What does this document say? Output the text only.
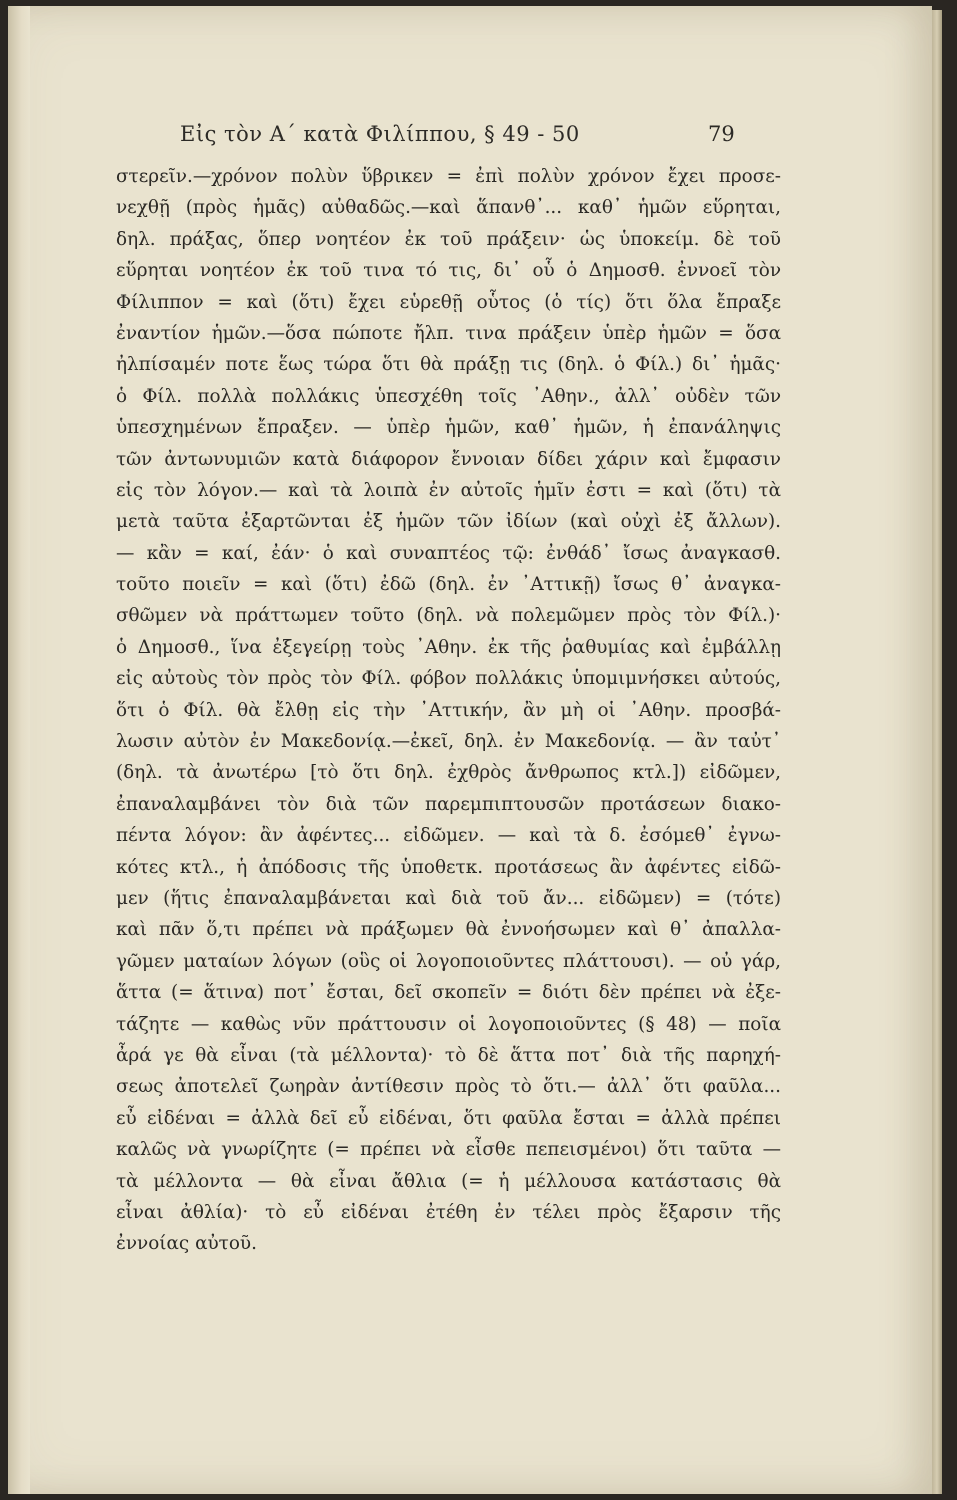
Εἰς τὸν Α΄ κατὰ Φιλίππου, § 49 - 50	79
στερεῖν.—χρόνον πολὺν ὕβρικεν = ἐπὶ πολὺν χρόνον ἔχει προσε-
νεχθῇ (πρὸς ἡμᾶς) αὐθαδῶς.—καὶ ἅπανθ᾽... καθ᾽ ἡμῶν εὕρηται,
δηλ. πράξας, ὅπερ νοητέον ἐκ τοῦ πράξειν· ὡς ὑποκείμ. δὲ τοῦ
εὕρηται νοητέον ἐκ τοῦ τινα τό τις, δι᾽ οὗ ὁ Δημοσθ. ἐννοεῖ τὸν
Φίλιππον = καὶ (ὅτι) ἔχει εὑρεθῇ οὗτος (ὁ τίς) ὅτι ὅλα ἔπραξε
ἐναντίον ἡμῶν.—ὅσα πώποτε ἤλπ. τινα πράξειν ὑπὲρ ἡμῶν = ὅσα
ἠλπίσαμέν ποτε ἕως τώρα ὅτι θὰ πράξῃ τις (δηλ. ὁ Φίλ.) δι᾽ ἡμᾶς·
ὁ Φίλ. πολλὰ πολλάκις ὑπεσχέθη τοῖς ᾿Αθην., ἀλλ᾽ οὐδὲν τῶν
ὑπεσχημένων ἔπραξεν. — ὑπὲρ ἡμῶν, καθ᾽ ἡμῶν, ἡ ἐπανάληψις
τῶν ἀντωνυμιῶν κατὰ διάφορον ἔννοιαν δίδει χάριν καὶ ἔμφασιν
εἰς τὸν λόγον.— καὶ τὰ λοιπὰ ἐν αὐτοῖς ἡμῖν ἐστι = καὶ (ὅτι) τὰ
μετὰ ταῦτα ἐξαρτῶνται ἐξ ἡμῶν τῶν ἰδίων (καὶ οὐχὶ ἐξ ἄλλων).
— κἂν = καί, ἐάν· ὁ καὶ συναπτέος τῷ: ἐνθάδ᾽ ἴσως ἀναγκασθ.
τοῦτο ποιεῖν = καὶ (ὅτι) ἐδῶ (δηλ. ἐν ᾿Αττικῇ) ἴσως θ᾽ ἀναγκα-
σθῶμεν νὰ πράττωμεν τοῦτο (δηλ. νὰ πολεμῶμεν πρὸς τὸν Φίλ.)·
ὁ Δημοσθ., ἵνα ἐξεγείρῃ τοὺς ᾿Αθην. ἐκ τῆς ῥαθυμίας καὶ ἐμβάλλῃ
εἰς αὐτοὺς τὸν πρὸς τὸν Φίλ. φόβον πολλάκις ὑπομιμνήσκει αὐτούς,
ὅτι ὁ Φίλ. θὰ ἔλθῃ εἰς τὴν ᾿Αττικήν, ἂν μὴ οἱ ᾿Αθην. προσβά-
λωσιν αὐτὸν ἐν Μακεδονίᾳ.—ἐκεῖ, δηλ. ἐν Μακεδονίᾳ. — ἂν ταὐτ᾽
(δηλ. τὰ ἀνωτέρω [τὸ ὅτι δηλ. ἐχθρὸς ἄνθρωπος κτλ.]) εἰδῶμεν,
ἐπαναλαμβάνει τὸν διὰ τῶν παρεμπιπτουσῶν προτάσεων διακο-
πέντα λόγον: ἂν ἀφέντες... εἰδῶμεν. — καὶ τὰ δ. ἐσόμεθ᾽ ἐγνω-
κότες κτλ., ἡ ἀπόδοσις τῆς ὑποθετκ. προτάσεως ἂν ἀφέντες εἰδῶ-
μεν (ἥτις ἐπαναλαμβάνεται καὶ διὰ τοῦ ἄν... εἰδῶμεν) = (τότε)
καὶ πᾶν ὅ,τι πρέπει νὰ πράξωμεν θὰ ἐννοήσωμεν καὶ θ᾽ ἀπαλλα-
γῶμεν ματαίων λόγων (οὓς οἱ λογοποιοῦντες πλάττουσι). — οὐ γάρ,
ἅττα (= ἅτινα) ποτ᾽ ἔσται, δεῖ σκοπεῖν = διότι δὲν πρέπει νὰ ἐξε-
τάζητε — καθὼς νῦν πράττουσιν οἱ λογοποιοῦντες (§ 48) — ποῖα
ἆρά γε θὰ εἶναι (τὰ μέλλοντα)· τὸ δὲ ἅττα ποτ᾽ διὰ τῆς παρηχή-
σεως ἀποτελεῖ ζωηρὰν ἀντίθεσιν πρὸς τὸ ὅτι.— ἀλλ᾽ ὅτι φαῦλα...
εὖ εἰδέναι = ἀλλὰ δεῖ εὖ εἰδέναι, ὅτι φαῦλα ἔσται = ἀλλὰ πρέπει
καλῶς νὰ γνωρίζητε (= πρέπει νὰ εἶσθε πεπεισμένοι) ὅτι ταῦτα —
τὰ μέλλοντα — θὰ εἶναι ἄθλια (= ἡ μέλλουσα κατάστασις θὰ
εἶναι ἀθλία)· τὸ εὖ εἰδέναι ἐτέθη ἐν τέλει πρὸς ἔξαρσιν τῆς
ἐννοίας αὐτοῦ.
